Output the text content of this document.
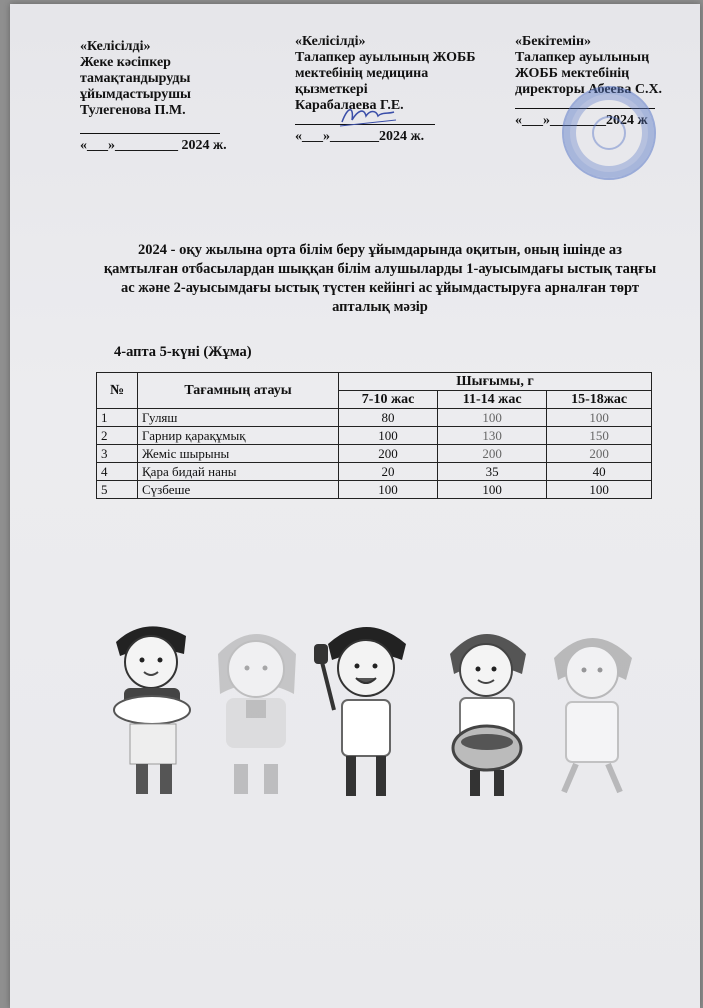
«Келісілді»
Жеке кәсіпкер
тамақтандыруды
ұйымдастырушы
Тулегенова П.М.
«___»_________ 2024 ж.
«Келісілді»
Талапкер ауылының ЖОББ
мектебінің медицина
қызметкері
Карабалаева Г.Е.
«___»_______2024 ж.
«Бекітемін»
Талапкер ауылының
ЖОББ мектебінің
директоры Абеева С.Х.
«___»________2024 ж
2024 - оқу жылына орта білім беру ұйымдарында оқитын, оның ішінде аз қамтылған отбасылардан шыққан білім алушыларды 1-ауысымдағы ыстық таңғы ас және 2-ауысымдағы ыстық түстен кейінгі ас ұйымдастыруға арналған төрт апталық мәзір
4-апта 5-күні (Жұма)
№	Тағамның атауы	Шығымы, г		
		7-10 жас	11-14 жас	15-18жас
1	Гуляш	80	100	100
2	Гарнир қарақұмық	100	130	150
3	Жеміс шырыны	200	200	200
4	Қара бидай наны	20	35	40
5	Сүзбеше	100	100	100
